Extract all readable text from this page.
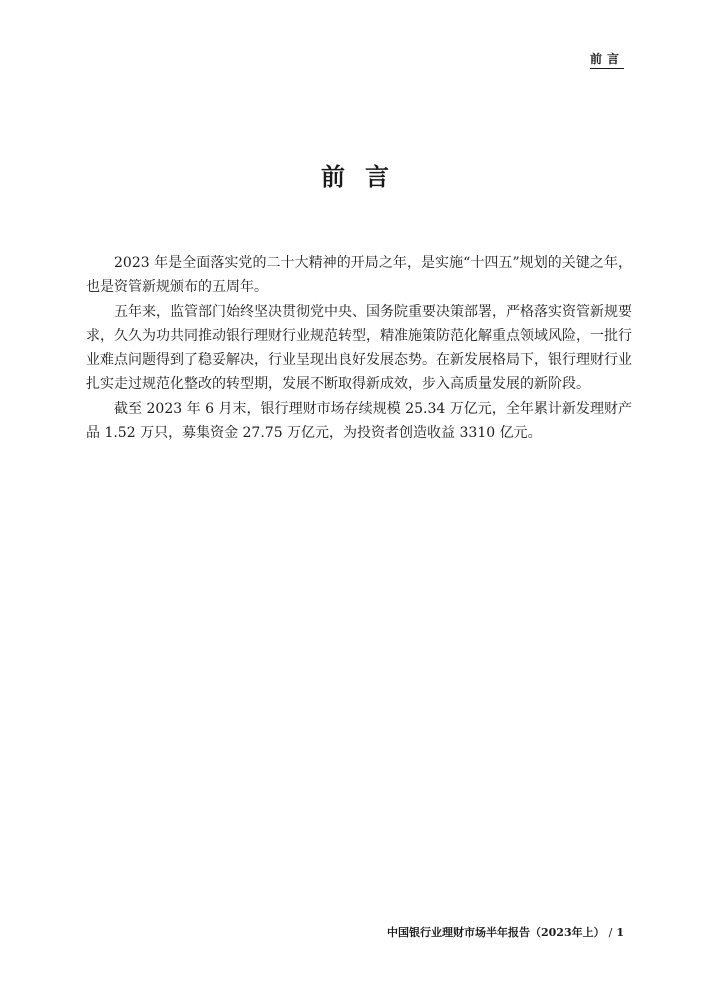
前言
前言

2023 年是全面落实党的二十大精神的开局之年，是实施“十四五”规划的关键之年，也是资管新规颁布的五周年。

五年来，监管部门始终坚决贯彻党中央、国务院重要决策部署，严格落实资管新规要求，久久为功共同推动银行理财行业规范转型，精准施策防范化解重点领域风险，一批行业难点问题得到了稳妥解决，行业呈现出良好发展态势。在新发展格局下，银行理财行业扎实走过规范化整改的转型期，发展不断取得新成效，步入高质量发展的新阶段。

截至 2023 年 6 月末，银行理财市场存续规模 25.34 万亿元，全年累计新发理财产品 1.52 万只，募集资金 27.75 万亿元，为投资者创造收益 3310 亿元。

中国银行业理财市场半年报告（2023年上） / 1
